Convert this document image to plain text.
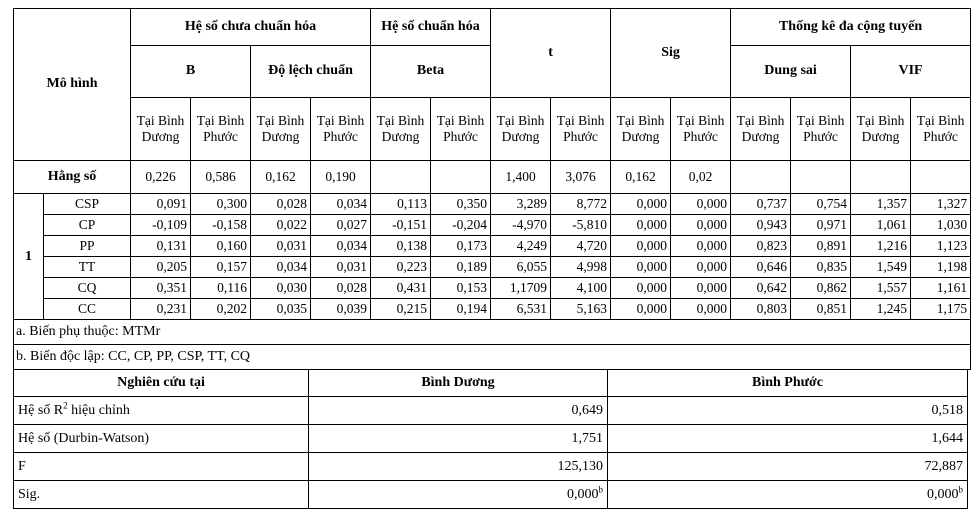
Mô hình		Hệ số chưa chuẩn hóa				Hệ số chuẩn hóa		t		Sig		Thống kê đa cộng tuyến			
		B		Độ lệch chuẩn		Beta						Dung sai		VIF	
		Tại Bình Dương	Tại Bình Phước	Tại Bình Dương	Tại Bình Phước	Tại Bình Dương	Tại Bình Phước	Tại Bình Dương	Tại Bình Phước	Tại Bình Dương	Tại Bình Phước	Tại Bình Dương	Tại Bình Phước	Tại Bình Dương	Tại Bình Phước
Hằng số		0,226	0,586	0,162	0,190			1,400	3,076	0,162	0,02				
1	CSP	0,091	0,300	0,028	0,034	0,113	0,350	3,289	8,772	0,000	0,000	0,737	0,754	1,357	1,327
	CP	-0,109	-0,158	0,022	0,027	-0,151	-0,204	-4,970	-5,810	0,000	0,000	0,943	0,971	1,061	1,030
	PP	0,131	0,160	0,031	0,034	0,138	0,173	4,249	4,720	0,000	0,000	0,823	0,891	1,216	1,123
	TT	0,205	0,157	0,034	0,031	0,223	0,189	6,055	4,998	0,000	0,000	0,646	0,835	1,549	1,198
	CQ	0,351	0,116	0,030	0,028	0,431	0,153	1,1709	4,100	0,000	0,000	0,642	0,862	1,557	1,161
	CC	0,231	0,202	0,035	0,039	0,215	0,194	6,531	5,163	0,000	0,000	0,803	0,851	1,245	1,175
a. Biến phụ thuộc: MTMr															
b. Biến độc lập: CC, CP, PP, CSP, TT, CQ															
Nghiên cứu tại	Bình Dương	Bình Phước
Hệ số $R^2$ hiệu chỉnh	0,649	0,518
Hệ số (Durbin-Watson)	1,751	1,644
F	125,130	72,887
Sig.	0,000$^b$	0,000$^b$
